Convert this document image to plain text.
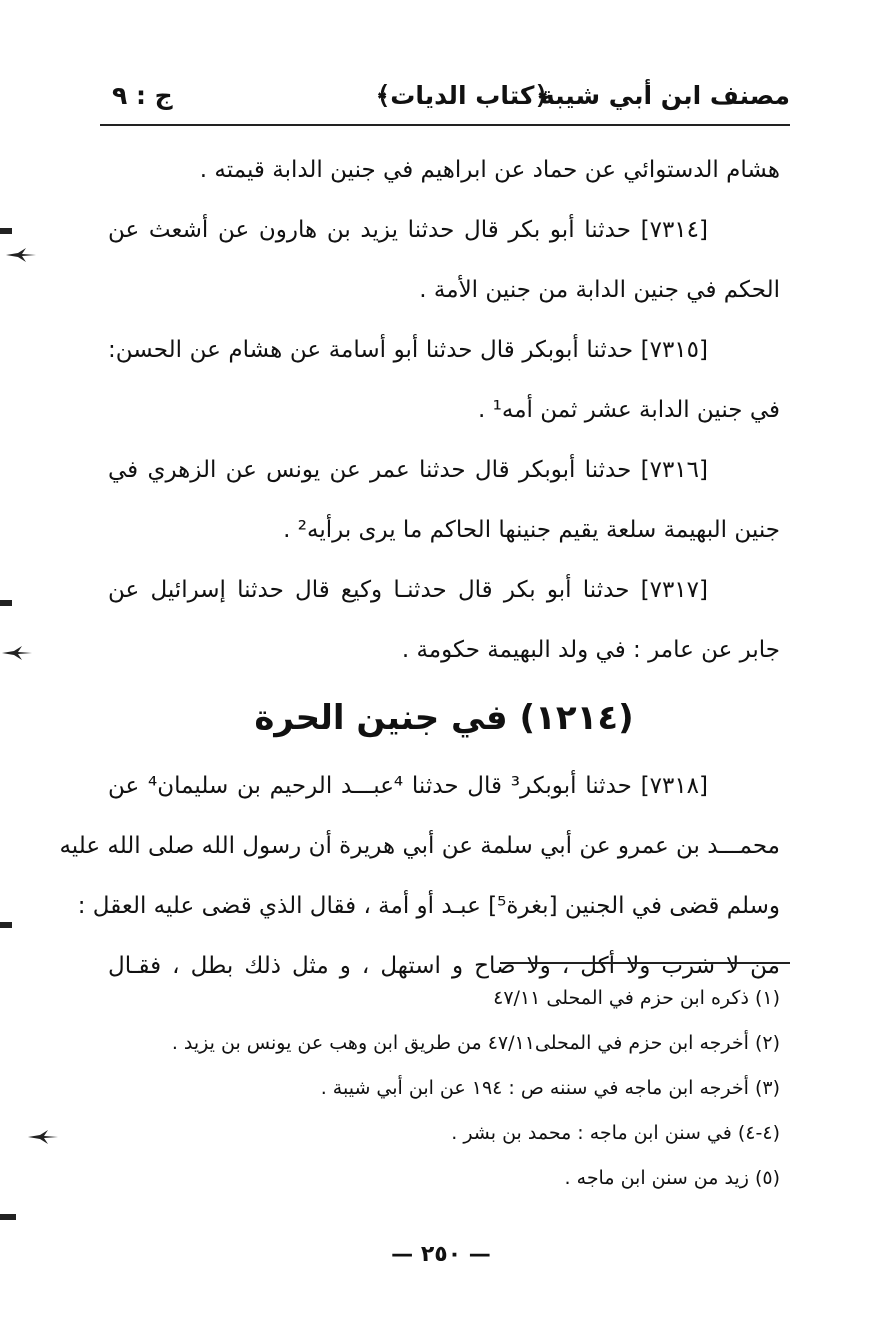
مصنف ابن أبي شيبة
﴿كتاب الديات﴾
ج : ٩
هشام الدستوائي عن حماد عن ابراهيم في جنين الدابة قيمته .
[٧٣١٤] حدثنا أبو بكر قال حدثنا يزيد بن هارون عن أشعث عن
الحكم في جنين الدابة من جنين الأمة .
[٧٣١٥] حدثنا أبوبكر قال حدثنا أبو أسامة عن هشام عن الحسن:
في جنين الدابة عشر ثمن أمه¹ .
[٧٣١٦] حدثنا أبوبكر قال حدثنا عمر عن يونس عن الزهري في
جنين البهيمة سلعة يقيم جنينها الحاكم ما يرى برأيه² .
[٧٣١٧] حدثنا أبو بكر قال حدثنـا وكيع قال حدثنا إسرائيل عن
جابر عن عامر : في ولد البهيمة حكومة .
(١٢١٤) في جنين الحرة
[٧٣١٨] حدثنا أبوبكر³ قال حدثنا ⁴عبـــد الرحيم بن سليمان⁴ عن
محمـــد بن عمرو عن أبي سلمة عن أبي هريرة أن رسول الله صلى الله عليه
وسلم قضى في الجنين [بغرة⁵] عبـد أو أمة ، فقال الذي قضى عليه العقل :
من لا شرب ولا أكل ، ولا صاح و استهل ، و مثل ذلك بطل ، فقـال
(١) ذكره ابن حزم في المحلى ٤٧/١١
(٢) أخرجه ابن حزم في المحلى٤٧/١١ من طريق ابن وهب عن يونس بن يزيد .
(٣) أخرجه ابن ماجه في سننه ص : ١٩٤ عن ابن أبي شيبة .
(٤-٤) في سنن ابن ماجه : محمد بن بشر .
(٥) زيد من سنن ابن ماجه .
— ٢٥٠ —
